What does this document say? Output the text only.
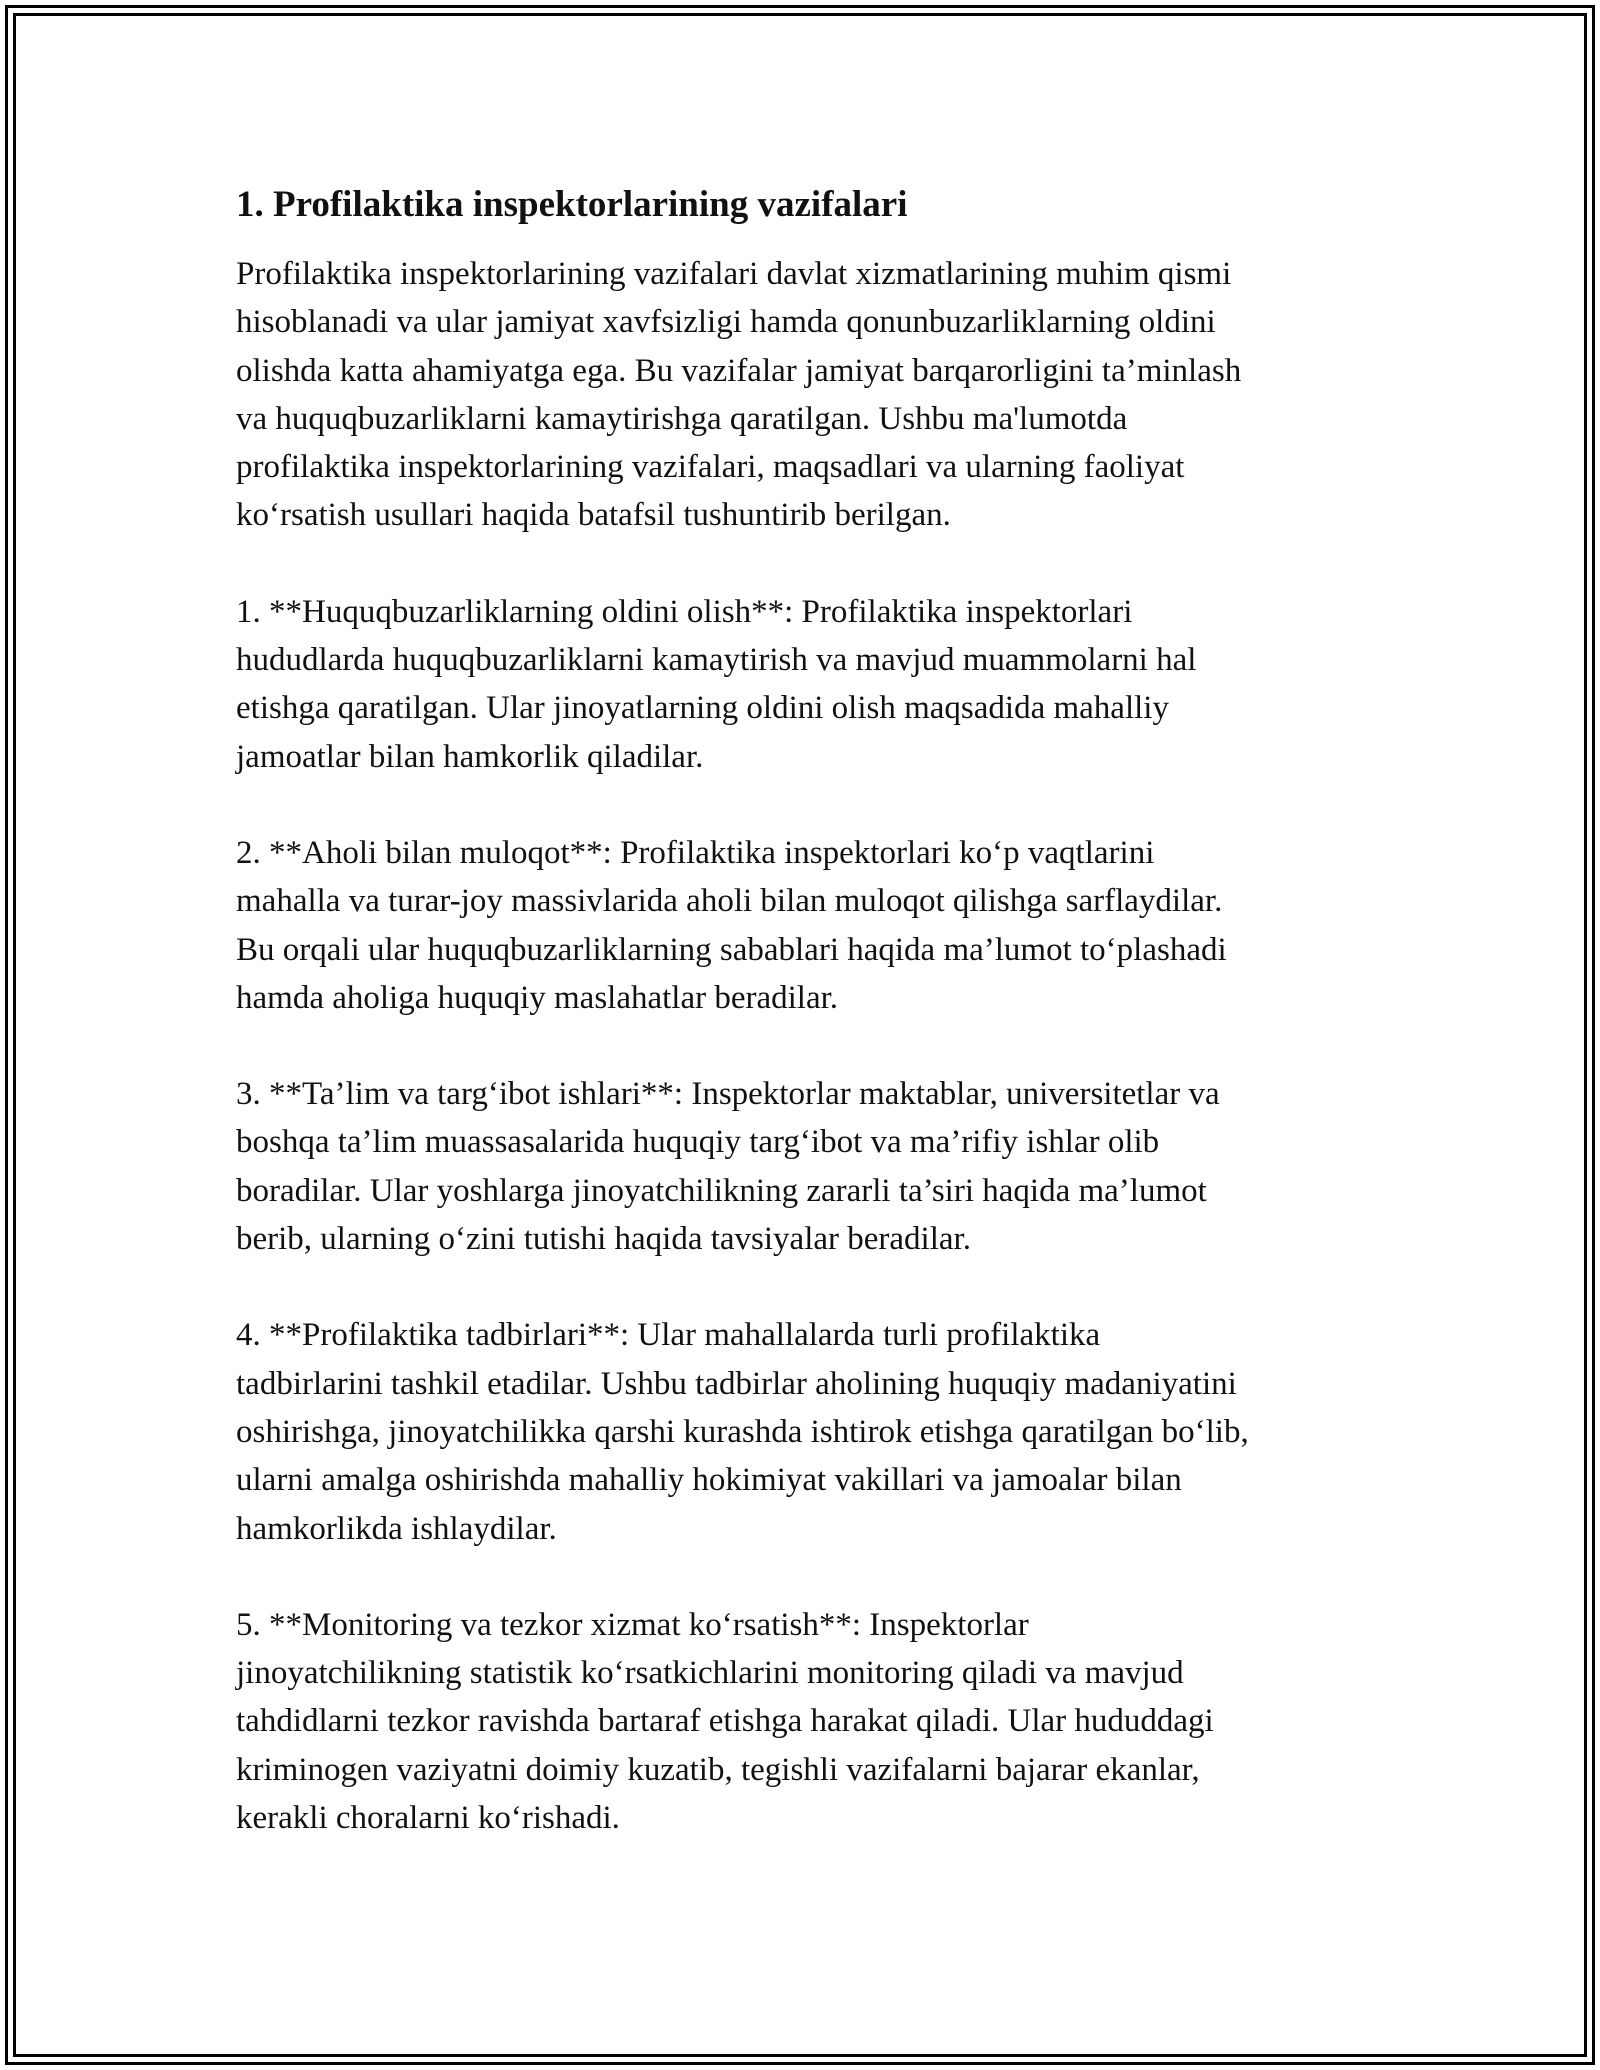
1. Profilaktika inspektorlarining vazifalari

Profilaktika inspektorlarining vazifalari davlat xizmatlarining muhim qismi
hisoblanadi va ular jamiyat xavfsizligi hamda qonunbuzarliklarning oldini
olishda katta ahamiyatga ega. Bu vazifalar jamiyat barqarorligini ta’minlash
va huquqbuzarliklarni kamaytirishga qaratilgan. Ushbu ma'lumotda
profilaktika inspektorlarining vazifalari, maqsadlari va ularning faoliyat
ko‘rsatish usullari haqida batafsil tushuntirib berilgan.

1. **Huquqbuzarliklarning oldini olish**: Profilaktika inspektorlari
hududlarda huquqbuzarliklarni kamaytirish va mavjud muammolarni hal
etishga qaratilgan. Ular jinoyatlarning oldini olish maqsadida mahalliy
jamoatlar bilan hamkorlik qiladilar.

2. **Aholi bilan muloqot**: Profilaktika inspektorlari ko‘p vaqtlarini
mahalla va turar-joy massivlarida aholi bilan muloqot qilishga sarflaydilar.
Bu orqali ular huquqbuzarliklarning sabablari haqida ma’lumot to‘plashadi
hamda aholiga huquqiy maslahatlar beradilar.

3. **Ta’lim va targ‘ibot ishlari**: Inspektorlar maktablar, universitetlar va
boshqa ta’lim muassasalarida huquqiy targ‘ibot va ma’rifiy ishlar olib
boradilar. Ular yoshlarga jinoyatchilikning zararli ta’siri haqida ma’lumot
berib, ularning o‘zini tutishi haqida tavsiyalar beradilar.

4. **Profilaktika tadbirlari**: Ular mahallalarda turli profilaktika
tadbirlarini tashkil etadilar. Ushbu tadbirlar aholining huquqiy madaniyatini
oshirishga, jinoyatchilikka qarshi kurashda ishtirok etishga qaratilgan bo‘lib,
ularni amalga oshirishda mahalliy hokimiyat vakillari va jamoalar bilan
hamkorlikda ishlaydilar.

5. **Monitoring va tezkor xizmat ko‘rsatish**: Inspektorlar
jinoyatchilikning statistik ko‘rsatkichlarini monitoring qiladi va mavjud
tahdidlarni tezkor ravishda bartaraf etishga harakat qiladi. Ular hududdagi
kriminogen vaziyatni doimiy kuzatib, tegishli vazifalarni bajarar ekanlar,
kerakli choralarni ko‘rishadi.
